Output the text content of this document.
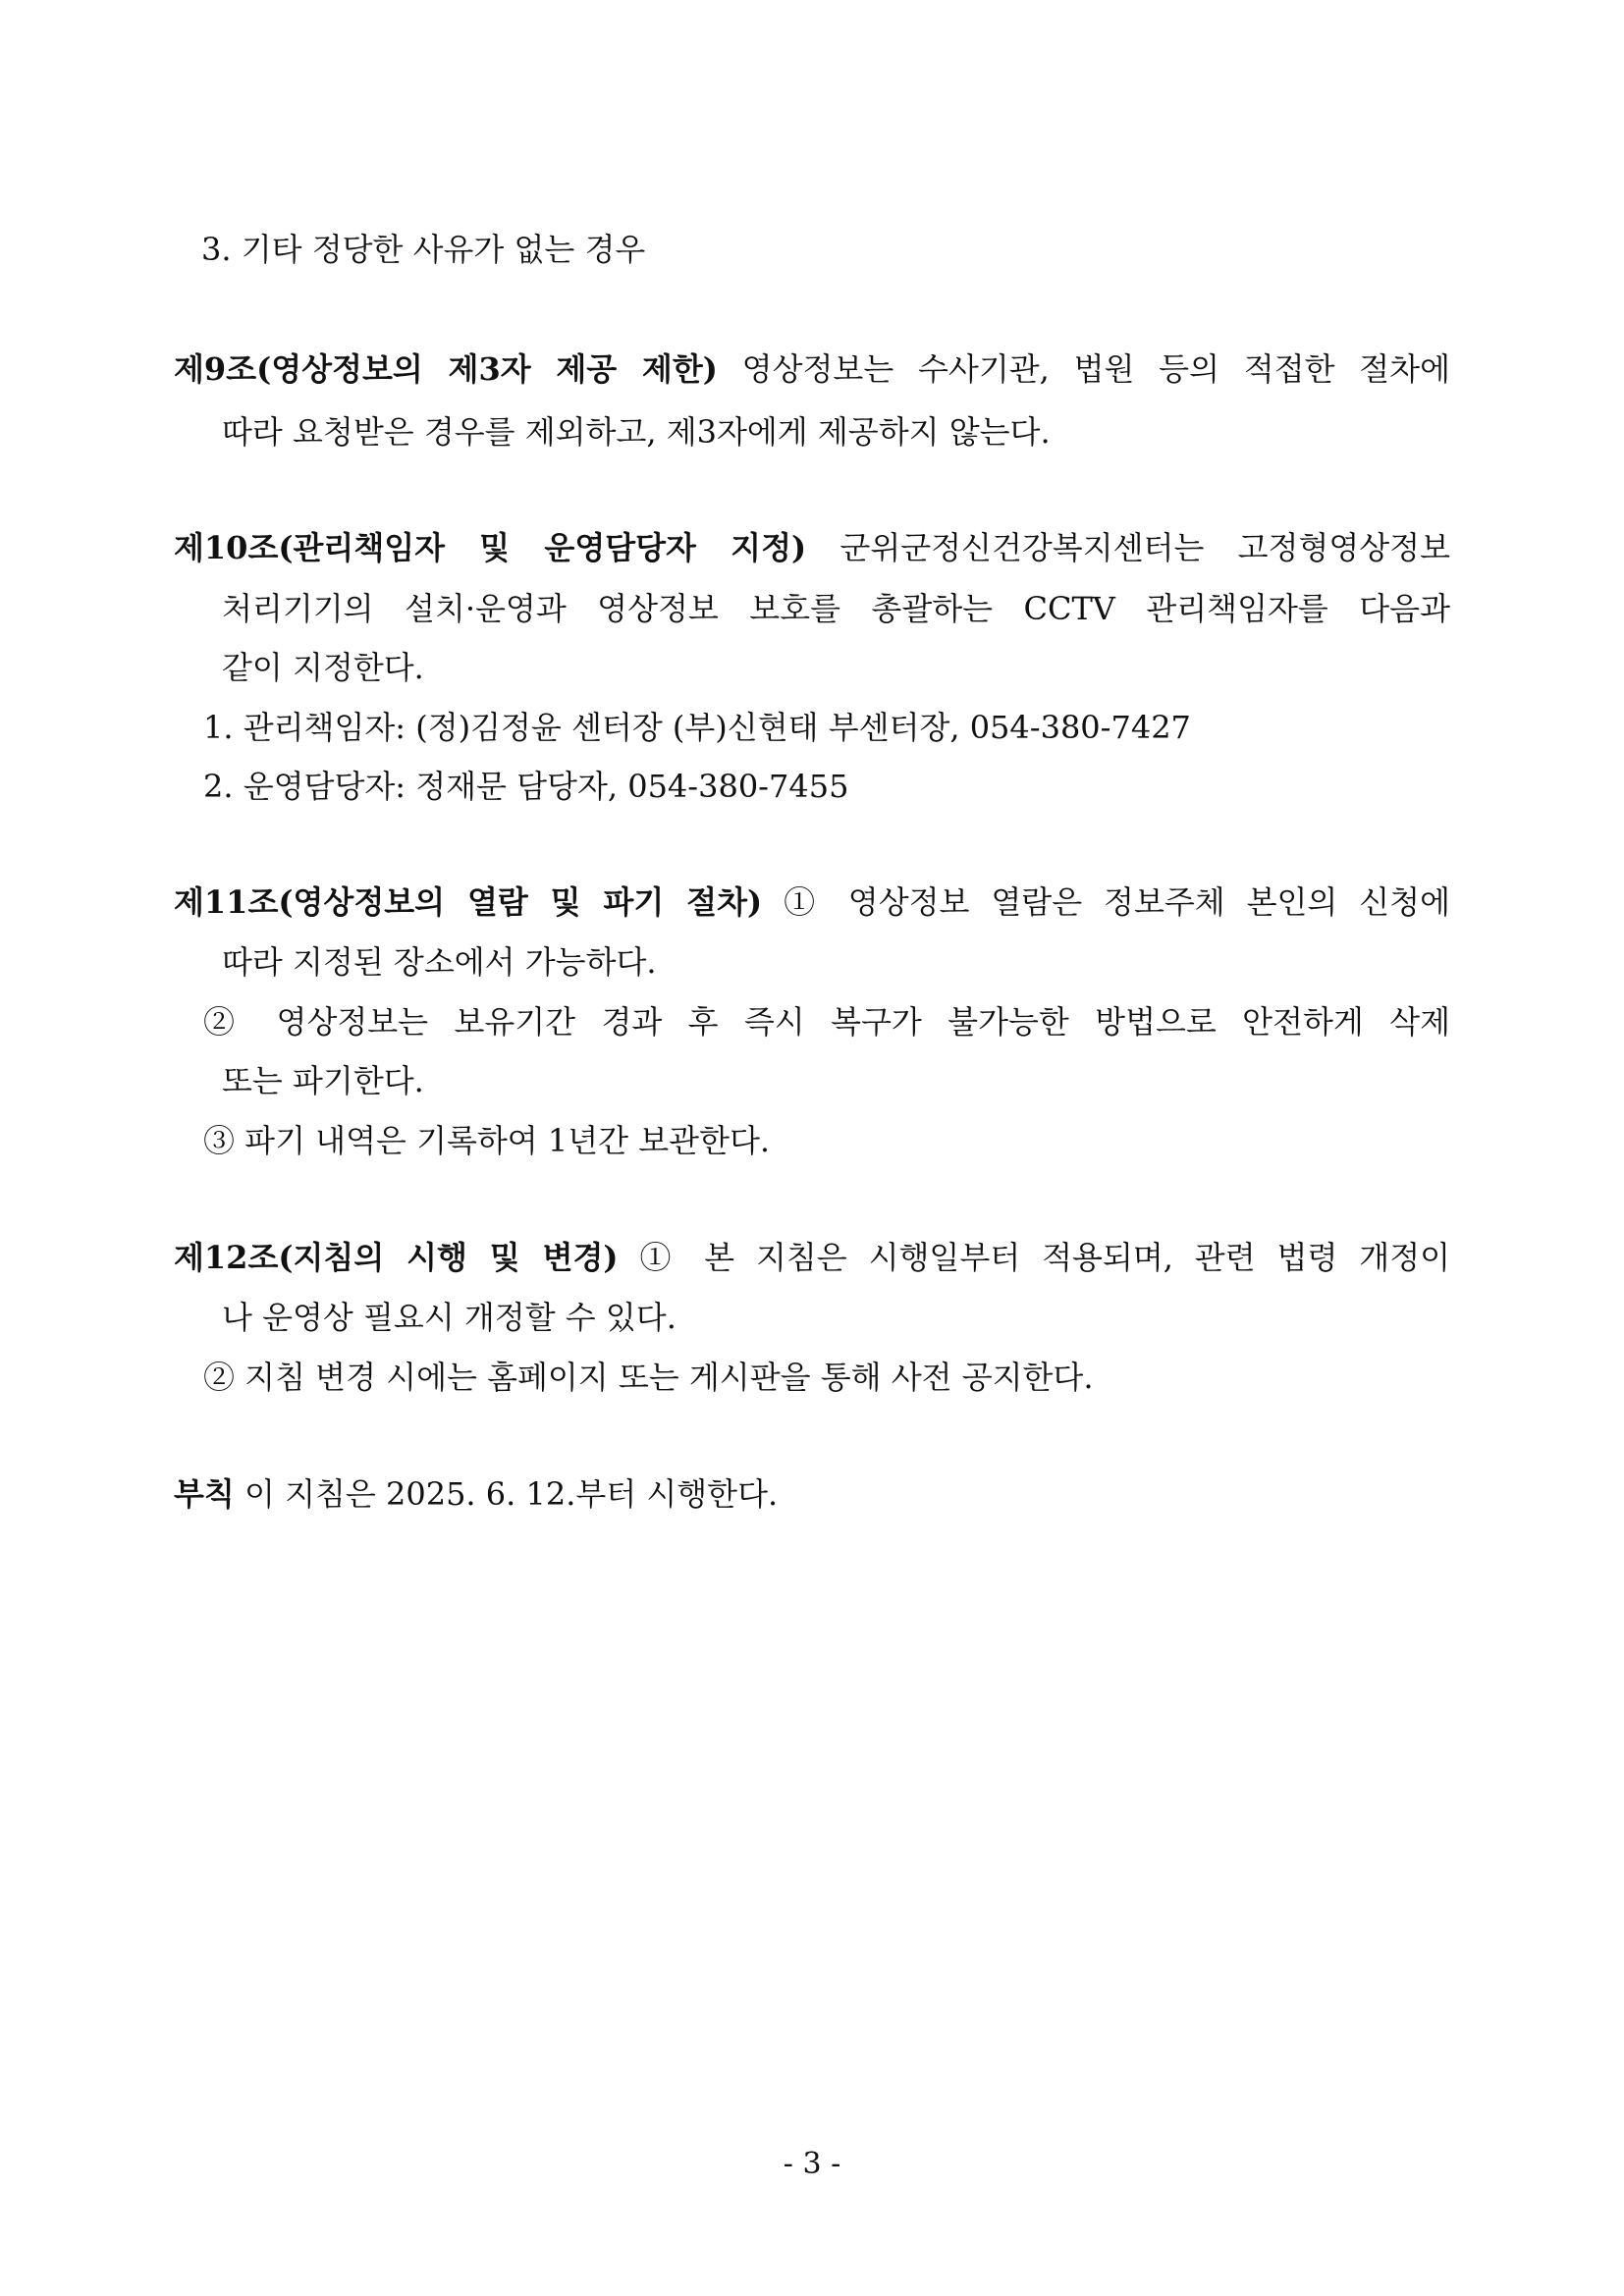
3. 기타 정당한 사유가 없는 경우
제9조(영상정보의 제3자 제공 제한) 영상정보는 수사기관, 법원 등의 적접한 절차에
따라 요청받은 경우를 제외하고, 제3자에게 제공하지 않는다.
제10조(관리책임자 및 운영담당자 지정) 군위군정신건강복지센터는 고정형영상정보
처리기기의 설치·운영과 영상정보 보호를 총괄하는 CCTV 관리책임자를 다음과
같이 지정한다.
1. 관리책임자: (정)김정윤 센터장 (부)신현태 부센터장, 054-380-7427
2. 운영담당자: 정재문 담당자, 054-380-7455
제11조(영상정보의 열람 및 파기 절차) ① 영상정보 열람은 정보주체 본인의 신청에
따라 지정된 장소에서 가능하다.
② 영상정보는 보유기간 경과 후 즉시 복구가 불가능한 방법으로 안전하게 삭제
또는 파기한다.
③ 파기 내역은 기록하여 1년간 보관한다.
제12조(지침의 시행 및 변경) ① 본 지침은 시행일부터 적용되며, 관련 법령 개정이
나 운영상 필요시 개정할 수 있다.
② 지침 변경 시에는 홈페이지 또는 게시판을 통해 사전 공지한다.
부칙 이 지침은 2025. 6. 12.부터 시행한다.
- 3 -
